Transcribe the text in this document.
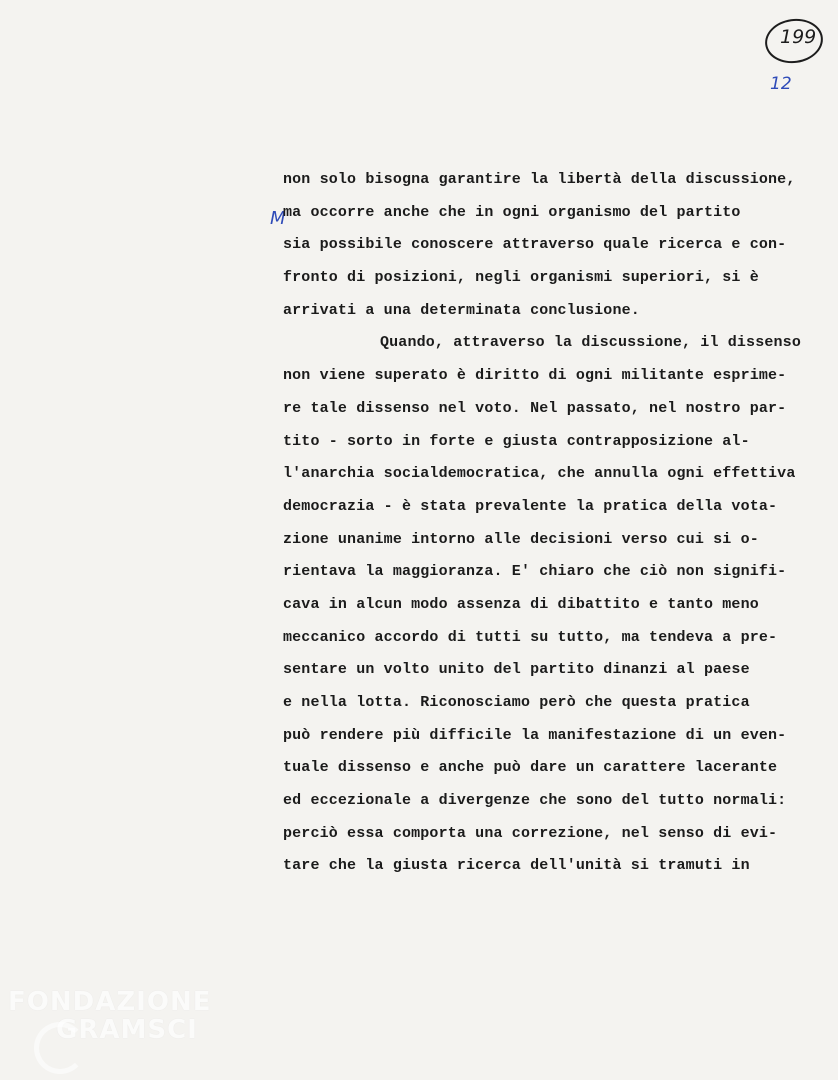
199
12
M
non solo bisogna garantire la libertà della discussione,
ma occorre anche che in ogni organismo del partito
sia possibile conoscere attraverso quale ricerca e con-
fronto di posizioni, negli organismi superiori, si è
arrivati a una determinata conclusione.
Quando, attraverso la discussione, il dissenso
non viene superato è diritto di ogni militante esprime-
re tale dissenso nel voto. Nel passato, nel nostro par-
tito - sorto in forte e giusta contrapposizione al-
l'anarchia socialdemocratica, che annulla ogni effettiva
democrazia - è stata prevalente la pratica della vota-
zione unanime intorno alle decisioni verso cui si o-
rientava la maggioranza. E' chiaro che ciò non signifi-
cava in alcun modo assenza di dibattito e tanto meno
meccanico accordo di tutti su tutto, ma tendeva a pre-
sentare un volto unito del partito dinanzi al paese
e nella lotta. Riconosciamo però che questa pratica
può rendere più difficile la manifestazione di un even-
tuale dissenso e anche può dare un carattere lacerante
ed eccezionale a divergenze che sono del tutto normali:
perciò essa comporta una correzione, nel senso di evi-
tare che la giusta ricerca dell'unità si tramuti in
FONDAZIONE
GRAMSCI
